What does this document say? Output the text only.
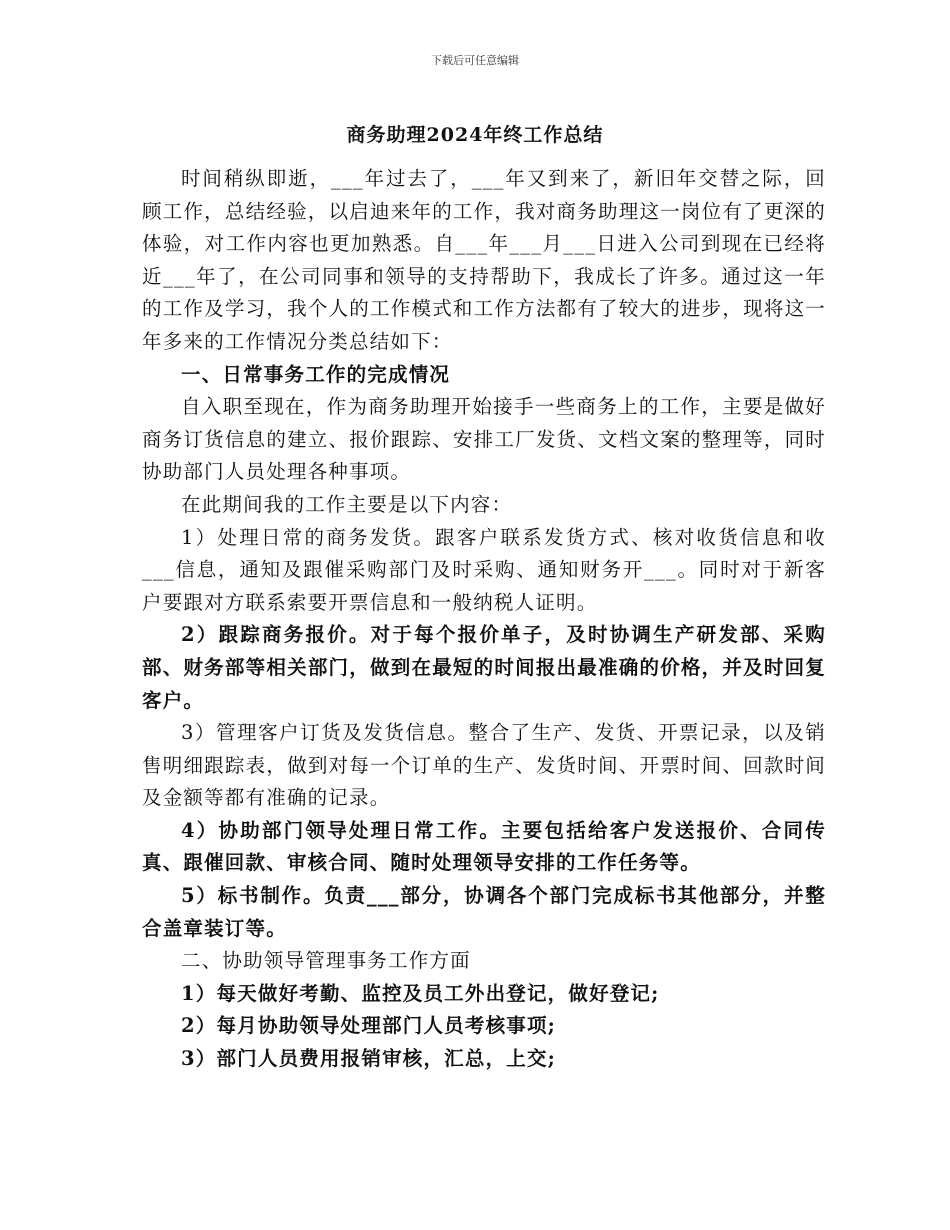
下载后可任意编辑
商务助理2024年终工作总结

时间稍纵即逝，___年过去了，___年又到来了，新旧年交替之际，回顾工作，总结经验，以启迪来年的工作，我对商务助理这一岗位有了更深的体验，对工作内容也更加熟悉。自___年___月___日进入公司到现在已经将近___年了，在公司同事和领导的支持帮助下，我成长了许多。通过这一年的工作及学习，我个人的工作模式和工作方法都有了较大的进步，现将这一年多来的工作情况分类总结如下：

一、日常事务工作的完成情况

自入职至现在，作为商务助理开始接手一些商务上的工作，主要是做好商务订货信息的建立、报价跟踪、安排工厂发货、文档文案的整理等，同时协助部门人员处理各种事项。

在此期间我的工作主要是以下内容：

1）处理日常的商务发货。跟客户联系发货方式、核对收货信息和收___信息，通知及跟催采购部门及时采购、通知财务开___。同时对于新客户要跟对方联系索要开票信息和一般纳税人证明。

2）跟踪商务报价。对于每个报价单子，及时协调生产研发部、采购部、财务部等相关部门，做到在最短的时间报出最准确的价格，并及时回复客户。

3）管理客户订货及发货信息。整合了生产、发货、开票记录，以及销售明细跟踪表，做到对每一个订单的生产、发货时间、开票时间、回款时间及金额等都有准确的记录。

4）协助部门领导处理日常工作。主要包括给客户发送报价、合同传真、跟催回款、审核合同、随时处理领导安排的工作任务等。

5）标书制作。负责___部分，协调各个部门完成标书其他部分，并整合盖章装订等。

二、协助领导管理事务工作方面

1）每天做好考勤、监控及员工外出登记，做好登记;

2）每月协助领导处理部门人员考核事项;

3）部门人员费用报销审核，汇总，上交;
